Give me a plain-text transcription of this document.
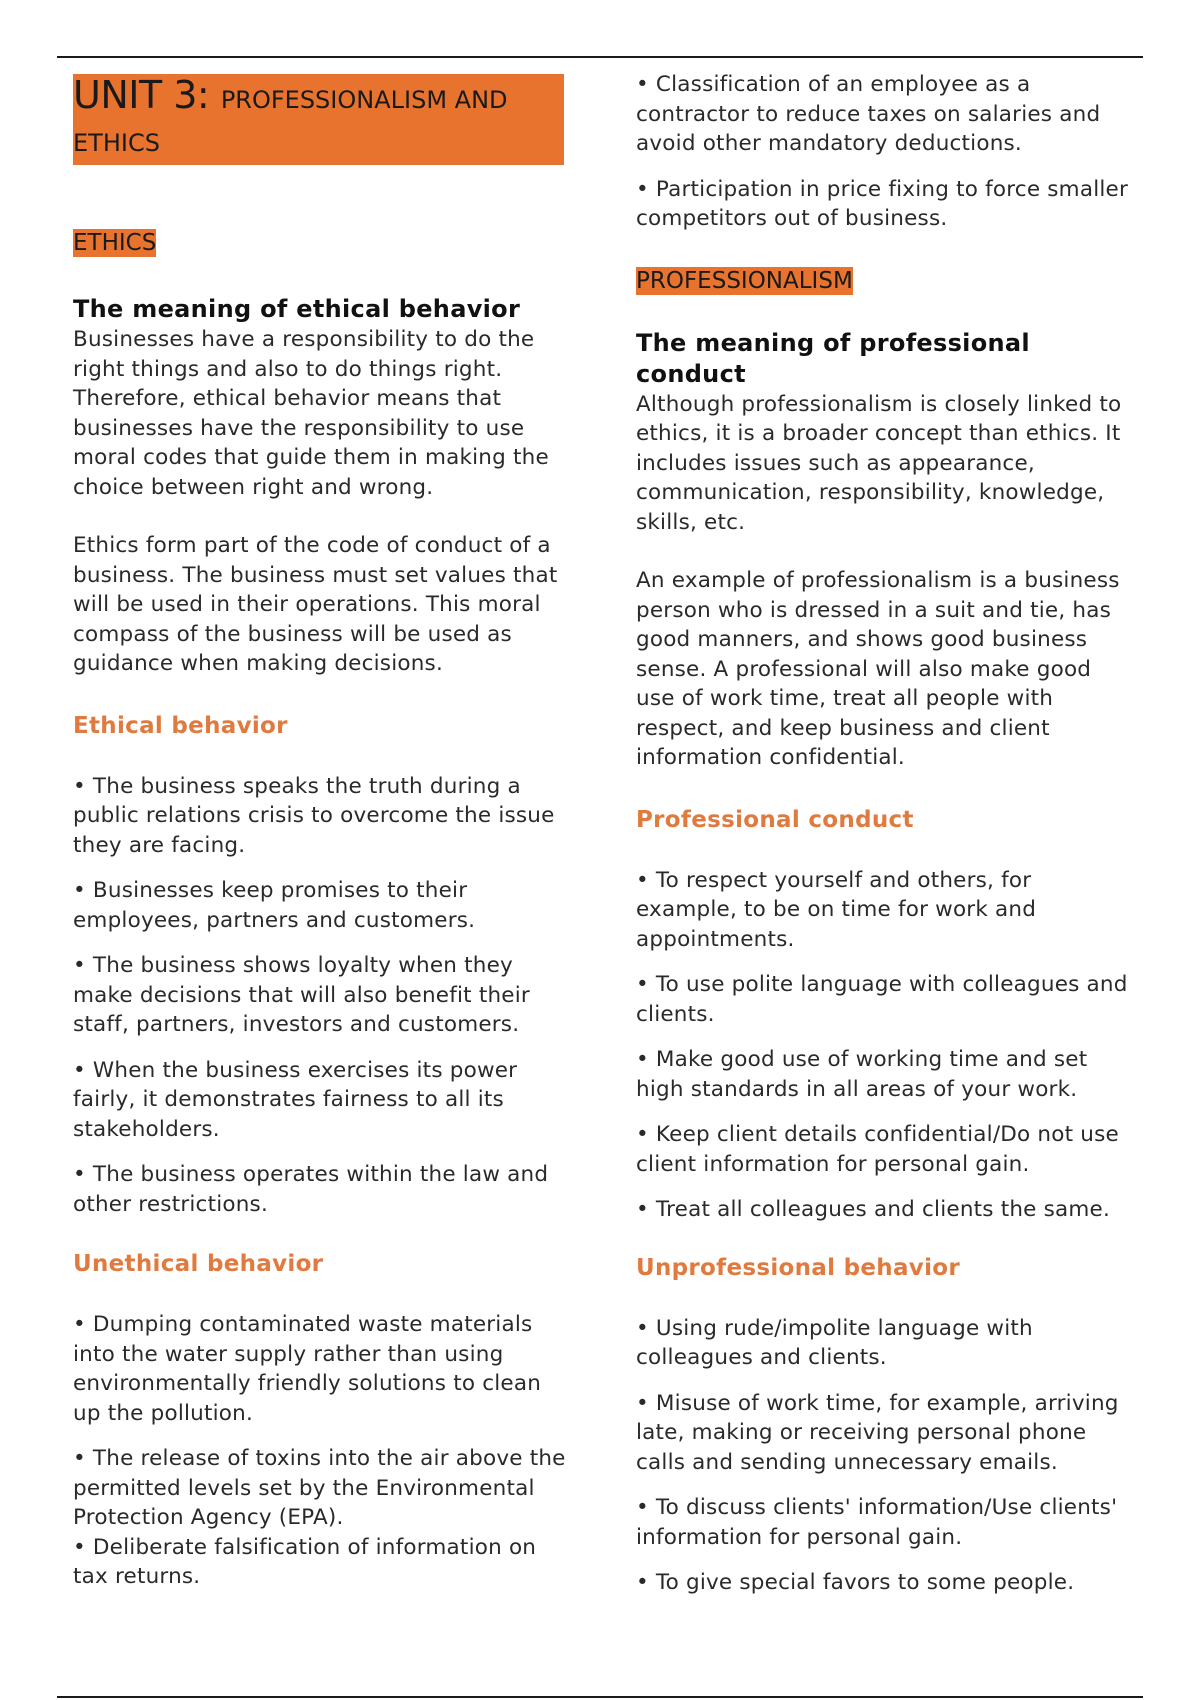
UNIT 3: PROFESSIONALISM AND
ETHICS
ETHICS
The meaning of ethical behavior
Businesses have a responsibility to do the right things and also to do things right. Therefore, ethical behavior means that businesses have the responsibility to use moral codes that guide them in making the choice between right and wrong.
Ethics form part of the code of conduct of a business. The business must set values that will be used in their operations. This moral compass of the business will be used as guidance when making decisions.
Ethical behavior
• The business speaks the truth during a public relations crisis to overcome the issue they are facing.
• Businesses keep promises to their employees, partners and customers.
• The business shows loyalty when they make decisions that will also benefit their staff, partners, investors and customers.
• When the business exercises its power fairly, it demonstrates fairness to all its stakeholders.
• The business operates within the law and other restrictions.
Unethical behavior
• Dumping contaminated waste materials into the water supply rather than using environmentally friendly solutions to clean up the pollution.
• The release of toxins into the air above the permitted levels set by the Environmental Protection Agency (EPA).
• Deliberate falsification of information on tax returns.
• Classification of an employee as a contractor to reduce taxes on salaries and avoid other mandatory deductions.
• Participation in price fixing to force smaller competitors out of business.
PROFESSIONALISM
The meaning of professional
conduct
Although professionalism is closely linked to ethics, it is a broader concept than ethics. It includes issues such as appearance, communication, responsibility, knowledge, skills, etc.
An example of professionalism is a business person who is dressed in a suit and tie, has good manners, and shows good business sense. A professional will also make good use of work time, treat all people with respect, and keep business and client information confidential.
Professional conduct
• To respect yourself and others, for example, to be on time for work and appointments.
• To use polite language with colleagues and clients.
• Make good use of working time and set high standards in all areas of your work.
• Keep client details confidential/Do not use client information for personal gain.
• Treat all colleagues and clients the same.
Unprofessional behavior
• Using rude/impolite language with colleagues and clients.
• Misuse of work time, for example, arriving late, making or receiving personal phone calls and sending unnecessary emails.
• To discuss clients' information/Use clients' information for personal gain.
• To give special favors to some people.
